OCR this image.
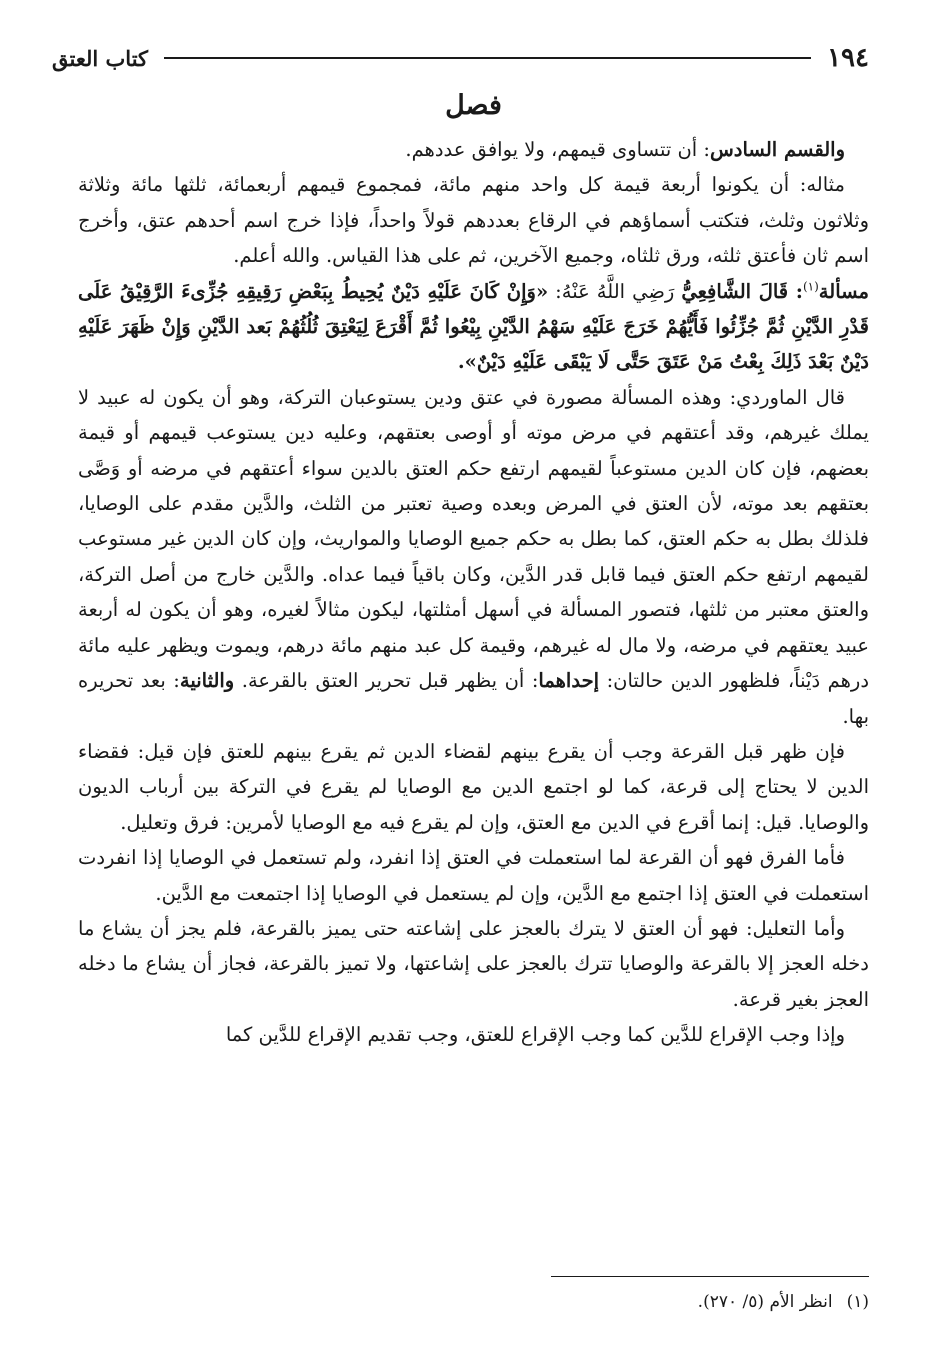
١٩٤
كتاب العتق
فصل

والقسم السادس: أن تتساوى قيمهم، ولا يوافق عددهم.

مثاله: أن يكونوا أربعة قيمة كل واحد منهم مائة، فمجموع قيمهم أربعمائة، ثلثها مائة وثلاثة وثلاثون وثلث، فتكتب أسماؤهم في الرقاع بعددهم قولاً واحداً، فإذا خرج اسم أحدهم عتق، وأخرج اسم ثان فأعتق ثلثه، ورق ثلثاه، وجميع الآخرين، ثم على هذا القياس. والله أعلم.

مسألة$^{(١)}$: قَالَ الشَّافِعِيُّ رَضِي اللَّهُ عَنْهُ: «وَإِنْ كَانَ عَلَيْهِ دَيْنٌ يُحِيطُ بِبَعْضِ رَقِيقِهِ جُزِّىءَ الرَّقِيْقُ عَلَى قَدْرِ الدَّيْنِ ثُمَّ جُزِّئُوا فَأَيُّهُمْ خَرَجَ عَلَيْهِ سَهْمُ الدَّيْنِ بِيْعُوا ثُمَّ أَقْرَعَ لِيَعْتِقَ ثُلُثُهُمْ بَعد الدَّيْنِ وَإِنْ ظَهَرَ عَلَيْهِ دَيْنٌ بَعْدَ ذَلِكَ بِعْتُ مَنْ عَتَقَ حَتَّى لَا يَبْقَى عَلَيْهِ دَيْنٌ».

قال الماوردي: وهذه المسألة مصورة في عتق ودين يستوعبان التركة، وهو أن يكون له عبيد لا يملك غيرهم، وقد أعتقهم في مرض موته أو أوصى بعتقهم، وعليه دين يستوعب قيمهم أو قيمة بعضهم، فإن كان الدين مستوعباً لقيمهم ارتفع حكم العتق بالدين سواء أعتقهم في مرضه أو وَصَّى بعتقهم بعد موته، لأن العتق في المرض وبعده وصية تعتبر من الثلث، والدَّين مقدم على الوصايا، فلذلك بطل به حكم العتق، كما بطل به حكم جميع الوصايا والمواريث، وإن كان الدين غير مستوعب لقيمهم ارتفع حكم العتق فيما قابل قدر الدَّين، وكان باقياً فيما عداه. والدَّين خارج من أصل التركة، والعتق معتبر من ثلثها، فتصور المسألة في أسهل أمثلتها، ليكون مثالاً لغيره، وهو أن يكون له أربعة عبيد يعتقهم في مرضه، ولا مال له غيرهم، وقيمة كل عبد منهم مائة درهم، ويموت ويظهر عليه مائة درهم دَيْناً، فلظهور الدين حالتان: إحداهما: أن يظهر قبل تحرير العتق بالقرعة. والثانية: بعد تحريره بها.

فإن ظهر قبل القرعة وجب أن يقرع بينهم لقضاء الدين ثم يقرع بينهم للعتق فإن قيل: فقضاء الدين لا يحتاج إلى قرعة، كما لو اجتمع الدين مع الوصايا لم يقرع في التركة بين أرباب الديون والوصايا. قيل: إنما أقرع في الدين مع العتق، وإن لم يقرع فيه مع الوصايا لأمرين: فرق وتعليل.

فأما الفرق فهو أن القرعة لما استعملت في العتق إذا انفرد، ولم تستعمل في الوصايا إذا انفردت استعملت في العتق إذا اجتمع مع الدَّين، وإن لم يستعمل في الوصايا إذا اجتمعت مع الدَّين.

وأما التعليل: فهو أن العتق لا يترك بالعجز على إشاعته حتى يميز بالقرعة، فلم يجز أن يشاع ما دخله العجز إلا بالقرعة والوصايا تترك بالعجز على إشاعتها، ولا تميز بالقرعة، فجاز أن يشاع ما دخله العجز بغير قرعة.

وإذا وجب الإقراع للدَّين كما وجب الإقراع للعتق، وجب تقديم الإقراع للدَّين كما

(١)انظر الأم (٥/ ٢٧٠).
